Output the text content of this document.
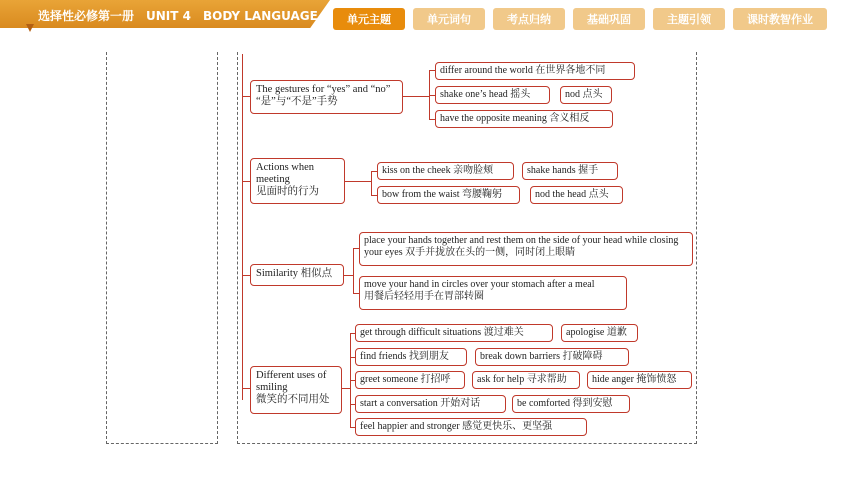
选择性必修第一册　UNIT 4　BODY LANGUAGE	单元主题	单元词句	考点归纳	基础巩固	主题引领	课时教智作业
The gestures for “yes” and “no”
“是”与“不是”手势
differ around the world 在世界各地不同
shake one’s head 摇头	nod 点头
have the opposite meaning 含义相反
Actions when
meeting
见面时的行为
kiss on the cheek 亲吻脸颊	shake hands 握手
bow from the waist 弯腰鞠躬	nod the head 点头
Similarity 相似点
place your hands together and rest them on the side of your head while closing your eyes 双手并拢放在头的一侧，同时闭上眼睛
move your hand in circles over your stomach after a meal
用餐后轻轻用手在胃部转圈
Different uses of
smiling
微笑的不同用处
get through difficult situations 渡过难关	apologise 道歉
find friends 找到朋友	break down barriers 打破障碍
greet someone 打招呼	ask for help 寻求帮助	hide anger 掩饰愤怒
start a conversation 开始对话	be comforted 得到安慰
feel happier and stronger 感觉更快乐、更坚强
